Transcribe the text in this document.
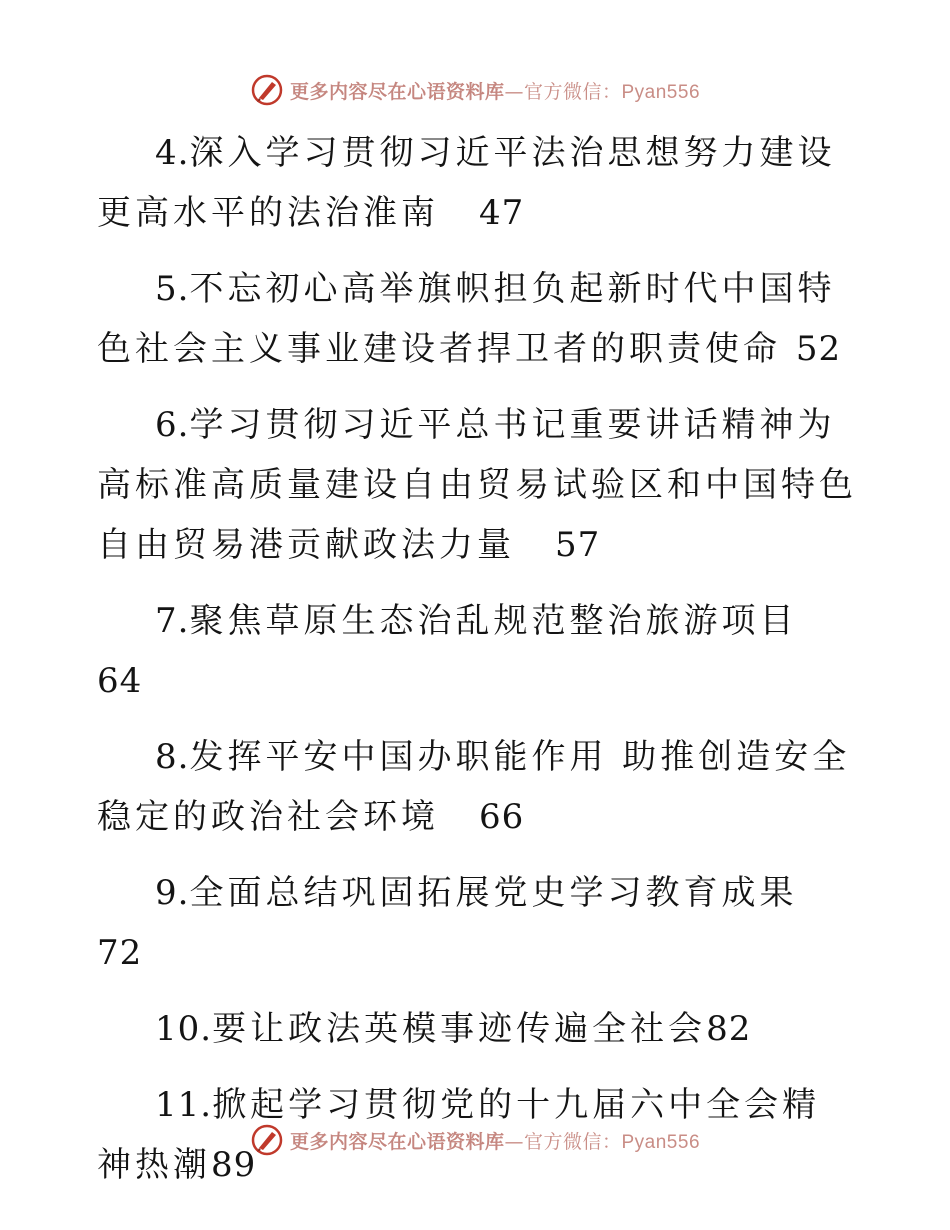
更多内容尽在心语资料库—官方微信：Pyan556

4.深入学习贯彻习近平法治思想努力建设更高水平的法治淮南 47

5.不忘初心高举旗帜担负起新时代中国特色社会主义事业建设者捍卫者的职责使命 52

6.学习贯彻习近平总书记重要讲话精神为高标准高质量建设自由贸易试验区和中国特色自由贸易港贡献政法力量 57

7.聚焦草原生态治乱规范整治旅游项目64

8.发挥平安中国办职能作用 助推创造安全稳定的政治社会环境 66

9.全面总结巩固拓展党史学习教育成果72

10.要让政法英模事迹传遍全社会82

11.掀起学习贯彻党的十九届六中全会精神热潮89

更多内容尽在心语资料库—官方微信：Pyan556
